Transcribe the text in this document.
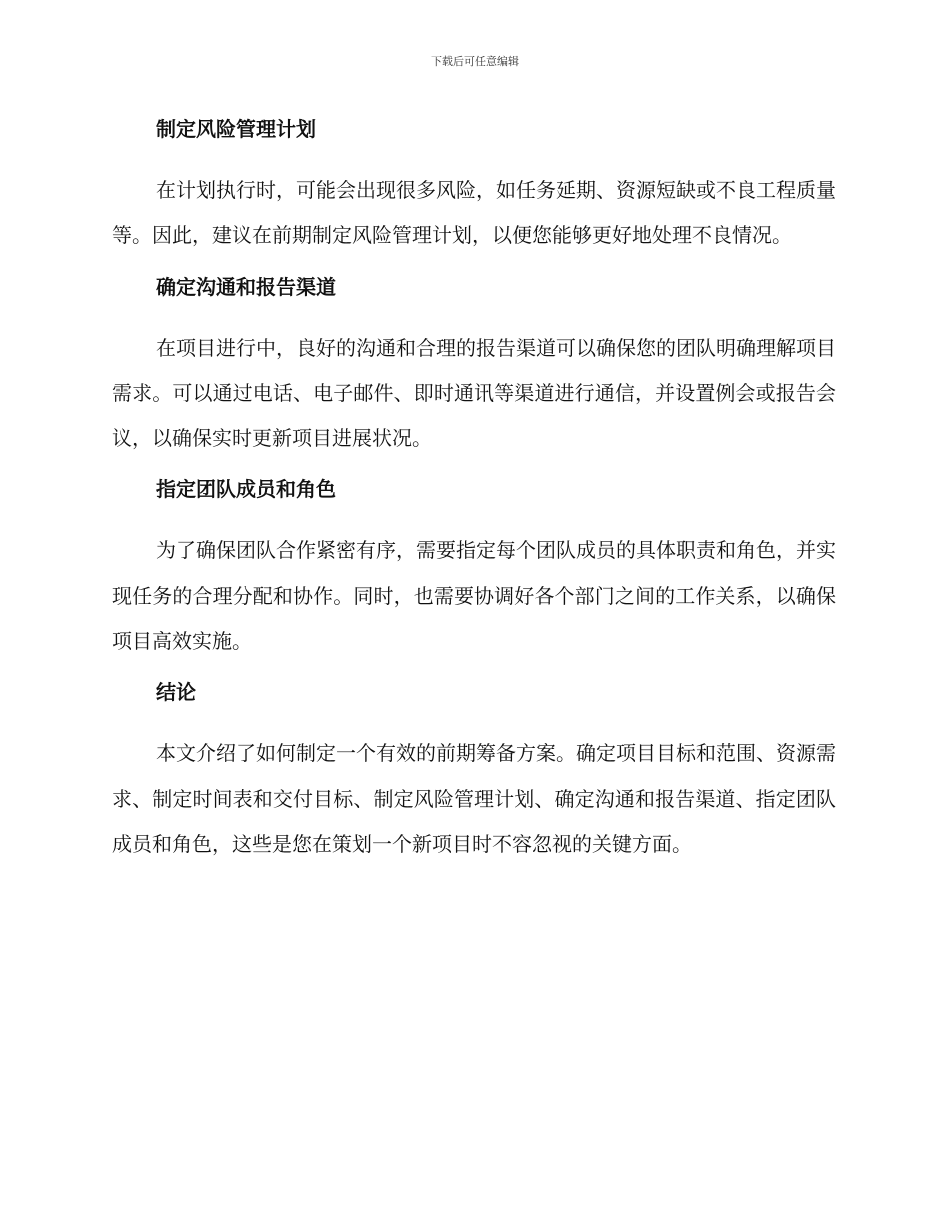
下载后可任意编辑
制定风险管理计划

在计划执行时，可能会出现很多风险，如任务延期、资源短缺或不良工程质量等。因此，建议在前期制定风险管理计划，以便您能够更好地处理不良情况。

确定沟通和报告渠道

在项目进行中，良好的沟通和合理的报告渠道可以确保您的团队明确理解项目需求。可以通过电话、电子邮件、即时通讯等渠道进行通信，并设置例会或报告会议，以确保实时更新项目进展状况。

指定团队成员和角色

为了确保团队合作紧密有序，需要指定每个团队成员的具体职责和角色，并实现任务的合理分配和协作。同时，也需要协调好各个部门之间的工作关系，以确保项目高效实施。

结论

本文介绍了如何制定一个有效的前期筹备方案。确定项目目标和范围、资源需求、制定时间表和交付目标、制定风险管理计划、确定沟通和报告渠道、指定团队成员和角色，这些是您在策划一个新项目时不容忽视的关键方面。
